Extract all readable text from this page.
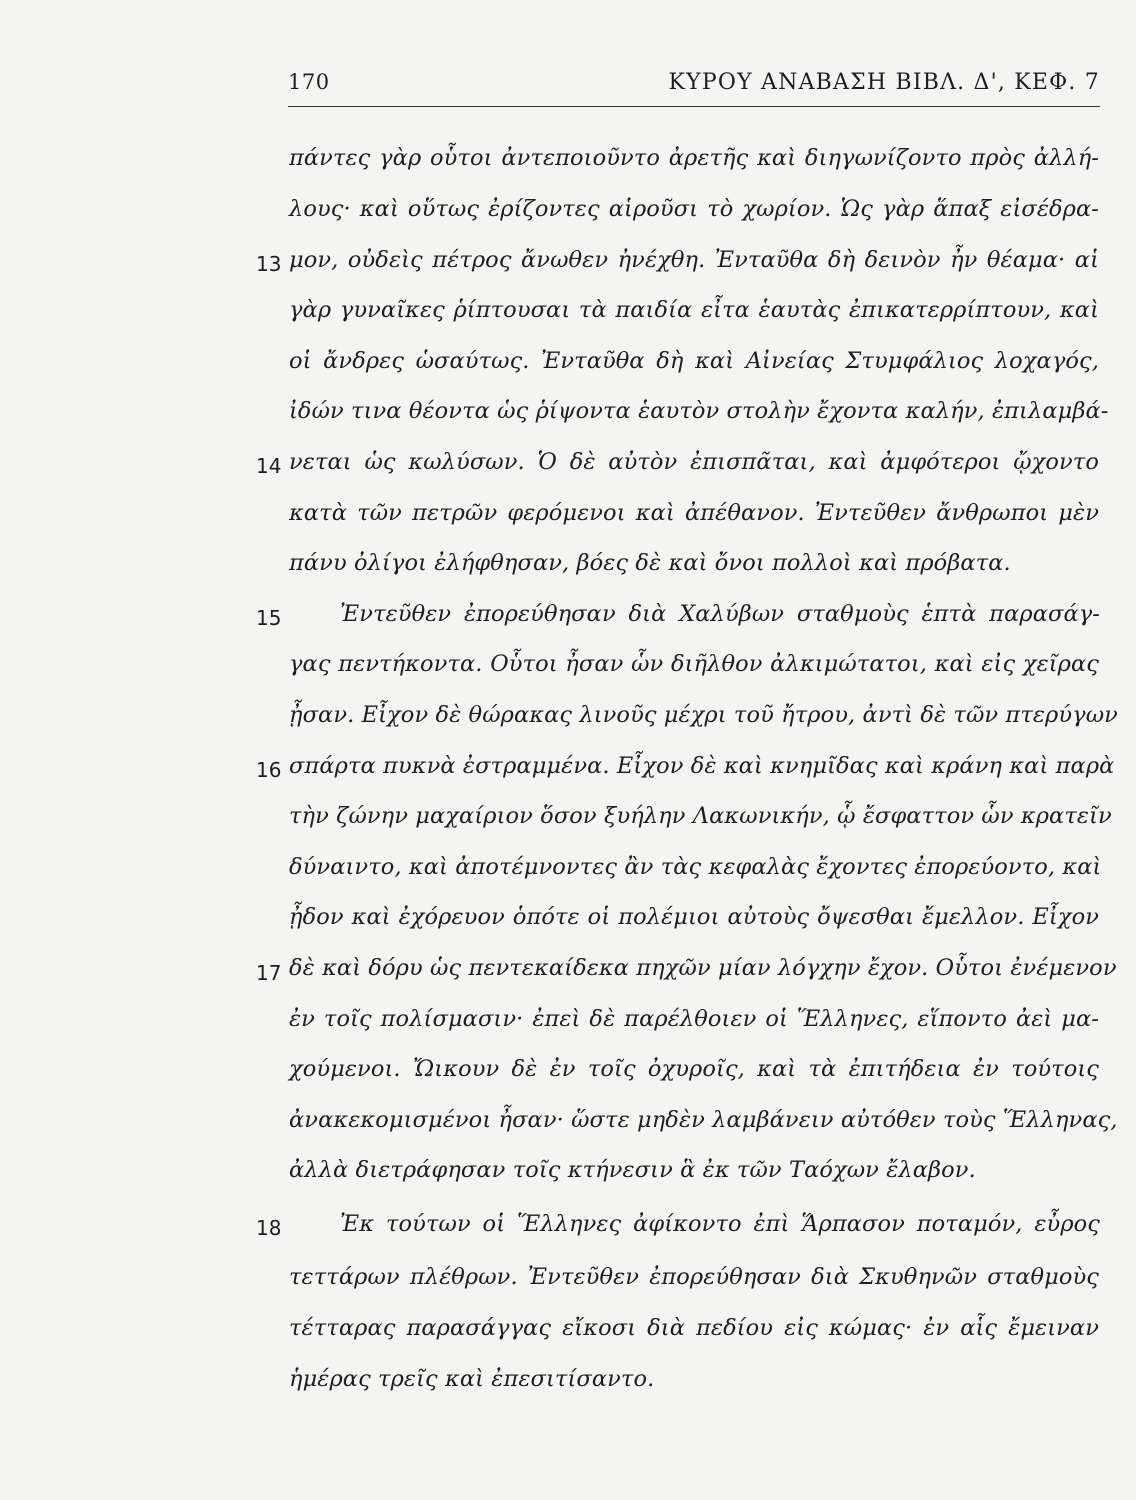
170	ΚΥΡΟΥ ΑΝΑΒΑΣΗ ΒΙΒΛ. Δ', ΚΕΦ. 7
13
14
15
16
17
18
πάντες γὰρ οὗτοι ἀντεποιοῦντο ἀρετῆς καὶ διηγωνίζοντο πρὸς ἀλλή-
λους· καὶ οὕτως ἐρίζοντες αἱροῦσι τὸ χωρίον. Ὡς γὰρ ἅπαξ εἰσέδρα-
μον, οὐδεὶς πέτρος ἄνωθεν ἠνέχθη. Ἐνταῦθα δὴ δεινὸν ἦν θέαμα· αἱ
γὰρ γυναῖκες ῥίπτουσαι τὰ παιδία εἶτα ἑαυτὰς ἐπικατερρίπτουν, καὶ
οἱ ἄνδρες ὡσαύτως. Ἐνταῦθα δὴ καὶ Αἰνείας Στυμφάλιος λοχαγός,
ἰδών τινα θέοντα ὡς ῥίψοντα ἑαυτὸν στολὴν ἔχοντα καλήν, ἐπιλαμβά-
νεται ὡς κωλύσων. Ὁ δὲ αὐτὸν ἐπισπᾶται, καὶ ἀμφότεροι ᾤχοντο
κατὰ τῶν πετρῶν φερόμενοι καὶ ἀπέθανον. Ἐντεῦθεν ἄνθρωποι μὲν
πάνυ ὀλίγοι ἐλήφθησαν, βόες δὲ καὶ ὄνοι πολλοὶ καὶ πρόβατα.
Ἐντεῦθεν ἐπορεύθησαν διὰ Χαλύβων σταθμοὺς ἑπτὰ παρασάγ-
γας πεντήκοντα. Οὗτοι ἦσαν ὧν διῆλθον ἀλκιμώτατοι, καὶ εἰς χεῖρας
ᾖσαν. Εἶχον δὲ θώρακας λινοῦς μέχρι τοῦ ἤτρου, ἀντὶ δὲ τῶν πτερύγων
σπάρτα πυκνὰ ἐστραμμένα. Εἶχον δὲ καὶ κνημῖδας καὶ κράνη καὶ παρὰ
τὴν ζώνην μαχαίριον ὅσον ξυήλην Λακωνικήν, ᾧ ἔσφαττον ὧν κρατεῖν
δύναιντο, καὶ ἀποτέμνοντες ἂν τὰς κεφαλὰς ἔχοντες ἐπορεύοντο, καὶ
ᾖδον καὶ ἐχόρευον ὁπότε οἱ πολέμιοι αὐτοὺς ὄψεσθαι ἔμελλον. Εἶχον
δὲ καὶ δόρυ ὡς πεντεκαίδεκα πηχῶν μίαν λόγχην ἔχον. Οὗτοι ἐνέμενον
ἐν τοῖς πολίσμασιν· ἐπεὶ δὲ παρέλθοιεν οἱ Ἕλληνες, εἵποντο ἀεὶ μα-
χούμενοι. Ὤικουν δὲ ἐν τοῖς ὀχυροῖς, καὶ τὰ ἐπιτήδεια ἐν τούτοις
ἀνακεκομισμένοι ἦσαν· ὥστε μηδὲν λαμβάνειν αὐτόθεν τοὺς Ἕλληνας,
ἀλλὰ διετράφησαν τοῖς κτήνεσιν ἃ ἐκ τῶν Ταόχων ἔλαβον.
Ἐκ τούτων οἱ Ἕλληνες ἀφίκοντο ἐπὶ Ἅρπασον ποταμόν, εὖρος
τεττάρων πλέθρων. Ἐντεῦθεν ἐπορεύθησαν διὰ Σκυθηνῶν σταθμοὺς
τέτταρας παρασάγγας εἴκοσι διὰ πεδίου εἰς κώμας· ἐν αἷς ἔμειναν
ἡμέρας τρεῖς καὶ ἐπεσιτίσαντο.
